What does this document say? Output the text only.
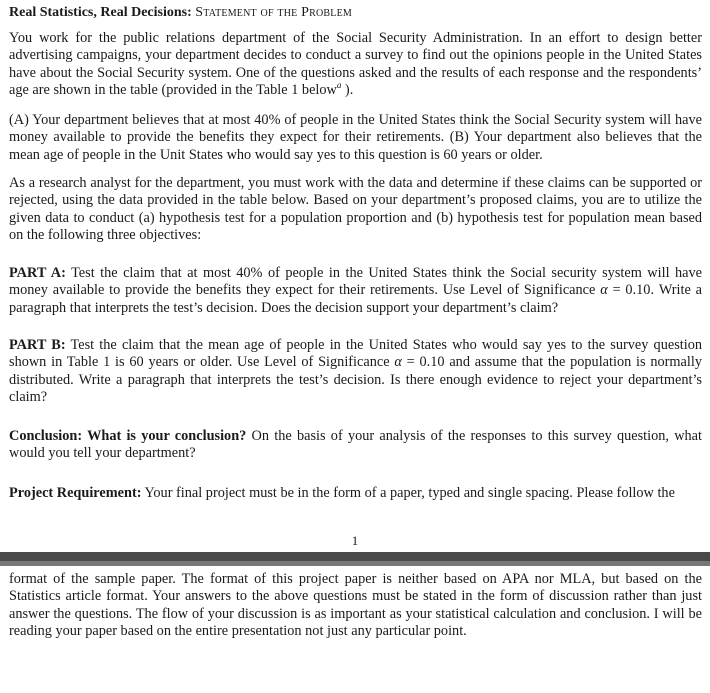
Real Statistics, Real Decisions: Statement of the Problem

You work for the public relations department of the Social Security Administration. In an effort to design better advertising campaigns, your department decides to conduct a survey to find out the opinions people in the United States have about the Social Security system. One of the questions asked and the results of each response and the respondents’ age are shown in the table (provided in the Table 1 below$^a$ ).

(A) Your department believes that at most 40% of people in the United States think the Social Security system will have money available to provide the benefits they expect for their retirements. (B) Your department also believes that the mean age of people in the Unit States who would say yes to this question is 60 years or older.

As a research analyst for the department, you must work with the data and determine if these claims can be supported or rejected, using the data provided in the table below. Based on your department’s proposed claims, you are to utilize the given data to conduct (a) hypothesis test for a population proportion and (b) hypothesis test for population mean based on the following three objectives:

PART A: Test the claim that at most 40% of people in the United States think the Social security system will have money available to provide the benefits they expect for their retirements. Use Level of Significance α = 0.10. Write a paragraph that interprets the test’s decision. Does the decision support your department’s claim?

PART B: Test the claim that the mean age of people in the United States who would say yes to the survey question shown in Table 1 is 60 years or older. Use Level of Significance α = 0.10 and assume that the population is normally distributed. Write a paragraph that interprets the test’s decision. Is there enough evidence to reject your department’s claim?

Conclusion: What is your conclusion? On the basis of your analysis of the responses to this survey question, what would you tell your department?

Project Requirement: Your final project must be in the form of a paper, typed and single spacing. Please follow the

1

format of the sample paper. The format of this project paper is neither based on APA nor MLA, but based on the Statistics article format. Your answers to the above questions must be stated in the form of discussion rather than just answer the questions. The flow of your discussion is as important as your statistical calculation and conclusion. I will be reading your paper based on the entire presentation not just any particular point.
